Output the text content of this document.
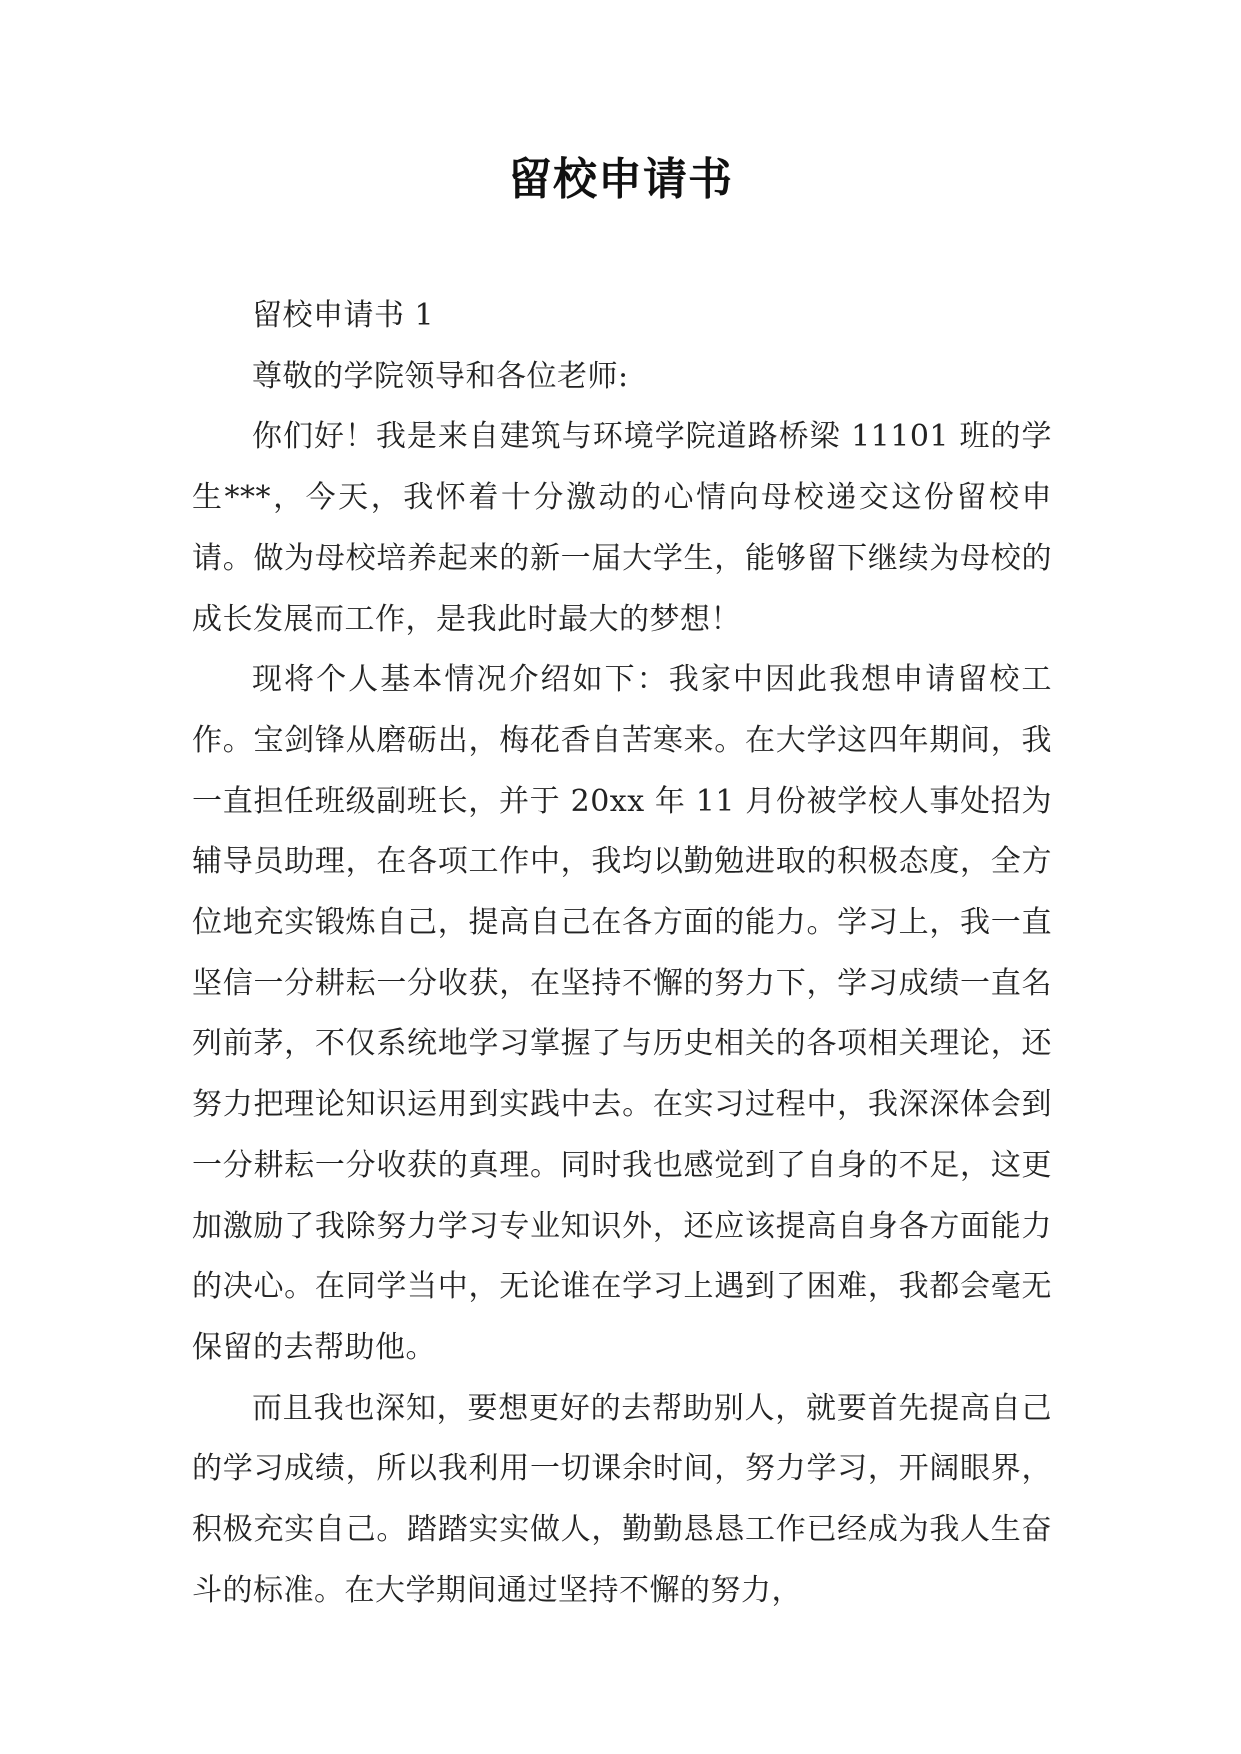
留校申请书

留校申请书 1

尊敬的学院领导和各位老师:

你们好！我是来自建筑与环境学院道路桥梁 11101 班的学生***，今天，我怀着十分激动的心情向母校递交这份留校申请。做为母校培养起来的新一届大学生，能够留下继续为母校的成长发展而工作，是我此时最大的梦想！

现将个人基本情况介绍如下：我家中因此我想申请留校工作。宝剑锋从磨砺出，梅花香自苦寒来。在大学这四年期间，我一直担任班级副班长，并于 20xx 年 11 月份被学校人事处招为辅导员助理，在各项工作中，我均以勤勉进取的积极态度，全方位地充实锻炼自己，提高自己在各方面的能力。学习上，我一直坚信一分耕耘一分收获，在坚持不懈的努力下，学习成绩一直名列前茅，不仅系统地学习掌握了与历史相关的各项相关理论，还努力把理论知识运用到实践中去。在实习过程中，我深深体会到一分耕耘一分收获的真理。同时我也感觉到了自身的不足，这更加激励了我除努力学习专业知识外，还应该提高自身各方面能力的决心。在同学当中，无论谁在学习上遇到了困难，我都会毫无保留的去帮助他。

而且我也深知，要想更好的去帮助别人，就要首先提高自己的学习成绩，所以我利用一切课余时间，努力学习，开阔眼界，积极充实自己。踏踏实实做人，勤勤恳恳工作已经成为我人生奋斗的标准。在大学期间通过坚持不懈的努力，
